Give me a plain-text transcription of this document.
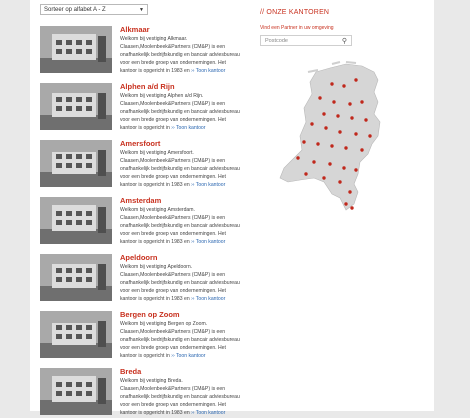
Sorteer op alfabet A - Z	▼
Alkmaar

Welkom bij vestiging Alkmaar.

Claasen,Moolenbeek&Partners (CM&P) is een

onafhankelijk bedrijfskundig en bancair adviesbureau

voor een brede groep van ondernemingen. Het

kantoor is opgericht in 1983 en ›› Toon kantoor

Alphen a/d Rijn

Welkom bij vestiging Alphen a/d Rijn.

Claasen,Moolenbeek&Partners (CM&P) is een

onafhankelijk bedrijfskundig en bancair adviesbureau

voor een brede groep van ondernemingen. Het

kantoor is opgericht in ›› Toon kantoor

Amersfoort

Welkom bij vestiging Amersfoort.

Claasen,Moolenbeek&Partners (CM&P) is een

onafhankelijk bedrijfskundig en bancair adviesbureau

voor een brede groep van ondernemingen. Het

kantoor is opgericht in 1983 en ›› Toon kantoor

Amsterdam

Welkom bij vestiging Amsterdam.

Claasen,Moolenbeek&Partners (CM&P) is een

onafhankelijk bedrijfskundig en bancair adviesbureau

voor een brede groep van ondernemingen. Het

kantoor is opgericht in 1983 en ›› Toon kantoor

Apeldoorn

Welkom bij vestiging Apeldoorn.

Claasen,Moolenbeek&Partners (CM&P) is een

onafhankelijk bedrijfskundig en bancair adviesbureau

voor een brede groep van ondernemingen. Het

kantoor is opgericht in 1983 en ›› Toon kantoor

Bergen op Zoom

Welkom bij vestiging Bergen op Zoom.

Claasen,Moolenbeek&Partners (CM&P) is een

onafhankelijk bedrijfskundig en bancair adviesbureau

voor een brede groep van ondernemingen. Het

kantoor is opgericht in ›› Toon kantoor

Breda

Welkom bij vestiging Breda.

Claasen,Moolenbeek&Partners (CM&P) is een

onafhankelijk bedrijfskundig en bancair adviesbureau

voor een brede groep van ondernemingen. Het

kantoor is opgericht in 1983 en ›› Toon kantoor

// ONZE KANTOREN
Vind een Partner in uw omgeving
Postcode	⚲
